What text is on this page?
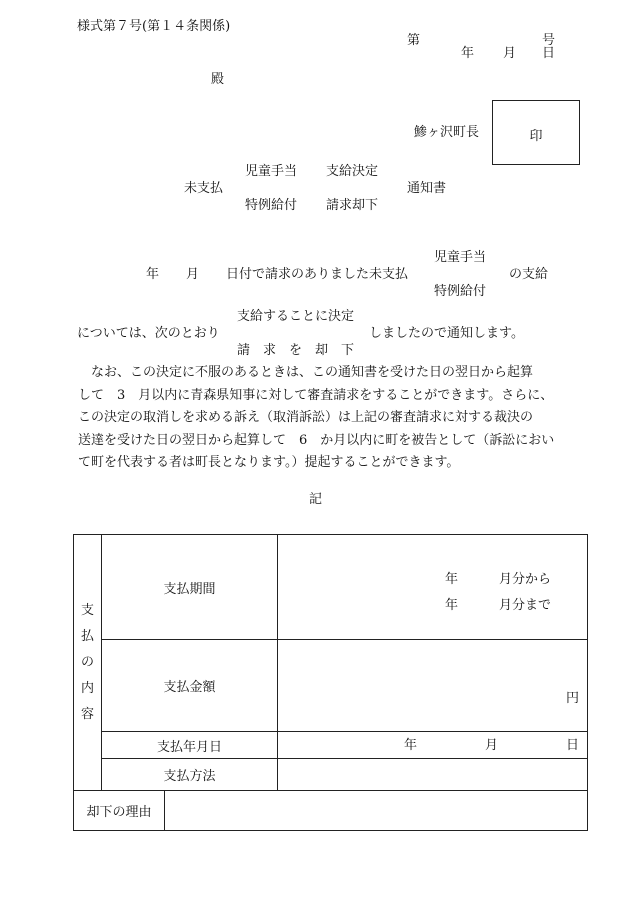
様式第７号(第１４条関係)
第	号
年 月 日
殿
鯵ヶ沢町長	印
児童手当 支給決定
未支払	通知書
特例給付 請求却下
児童手当
年 月 日付で請求のありました未支払	の支給
特例給付
支給することに決定
については、次のとおり	しましたので通知します。
請　求　を　却　下
　なお、この決定に不服のあるときは、この通知書を受けた日の翌日から起算
して　3　月以内に青森県知事に対して審査請求をすることができます。さらに、
この決定の取消しを求める訴え（取消訴訟）は上記の審査請求に対する裁決の
送達を受けた日の翌日から起算して　6　か月以内に町を被告として（訴訟におい
て町を代表する者は町長となります。）提起することができます。
記
支
払
の
内
容	支払期間		年 月分から
年 月分まで

	支払金額		円

	支払年月日		年 月 日

	支払方法		
却下の理由			
